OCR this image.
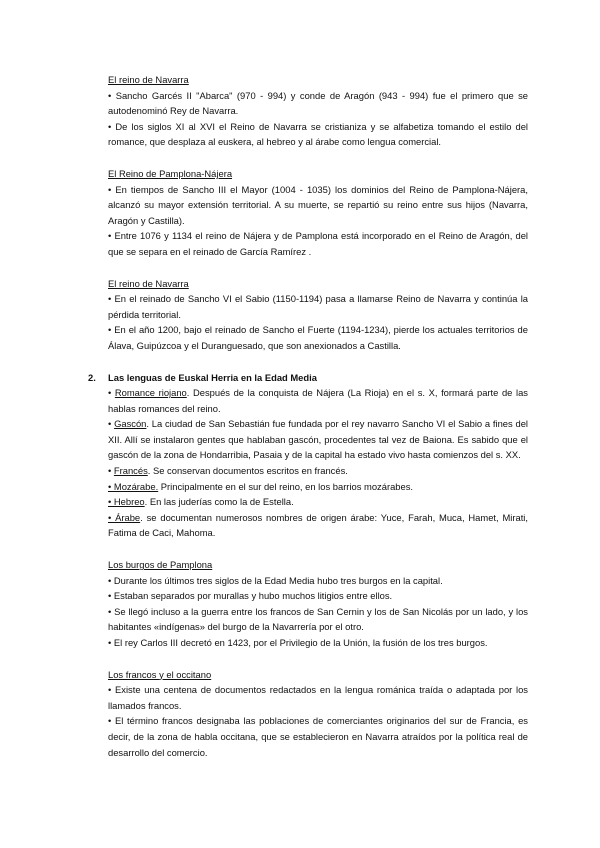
El reino de Navarra

• Sancho Garcés II "Abarca" (970 - 994) y conde de Aragón (943 - 994) fue el primero que se autodenominó Rey de Navarra.

• De los siglos XI al XVI el Reino de Navarra se cristianiza y se alfabetiza tomando el estilo del romance, que desplaza al euskera, al hebreo y al árabe como lengua comercial.

El Reino de Pamplona-Nájera

• En tiempos de Sancho III el Mayor (1004 - 1035) los dominios del Reino de Pamplona-Nájera, alcanzó su mayor extensión territorial. A su muerte, se repartió su reino entre sus hijos (Navarra, Aragón y Castilla).

• Entre 1076 y 1134 el reino de Nájera y de Pamplona está incorporado en el Reino de Aragón, del que se separa en el reinado de García Ramírez .

El reino de Navarra

• En el reinado de Sancho VI el Sabio (1150-1194) pasa a llamarse Reino de Navarra y continúa la pérdida territorial.

• En el año 1200, bajo el reinado de Sancho el Fuerte (1194-1234), pierde los actuales territorios de Álava, Guipúzcoa y el Duranguesado, que son anexionados a Castilla.

2. Las lenguas de Euskal Herria en la Edad Media

• Romance riojano. Después de la conquista de Nájera (La Rioja) en el s. X, formará parte de las hablas romances del reino.

• Gascón. La ciudad de San Sebastián fue fundada por el rey navarro Sancho VI el Sabio a fines del XII. Allí se instalaron gentes que hablaban gascón, procedentes tal vez de Baiona. Es sabido que el gascón de la zona de Hondarribia, Pasaia y de la capital ha estado vivo hasta comienzos del s. XX.

• Francés. Se conservan documentos escritos en francés.

• Mozárabe. Principalmente en el sur del reino, en los barrios mozárabes.

• Hebreo. En las juderías como la de Estella.

• Árabe. se documentan numerosos nombres de origen árabe: Yuce, Farah, Muca, Hamet, Mirati, Fatima de Caci, Mahoma.

Los burgos de Pamplona

• Durante los últimos tres siglos de la Edad Media hubo tres burgos en la capital.

• Estaban separados por murallas y hubo muchos litigios entre ellos.

• Se llegó incluso a la guerra entre los francos de San Cernin y los de San Nicolás por un lado, y los habitantes «indígenas» del burgo de la Navarrería por el otro.

• El rey Carlos III decretó en 1423, por el Privilegio de la Unión, la fusión de los tres burgos.

Los francos y el occitano

• Existe una centena de documentos redactados en la lengua románica traída o adaptada por los llamados francos.

• El término francos designaba las poblaciones de comerciantes originarios del sur de Francia, es decir, de la zona de habla occitana, que se establecieron en Navarra atraídos por la política real de desarrollo del comercio.
